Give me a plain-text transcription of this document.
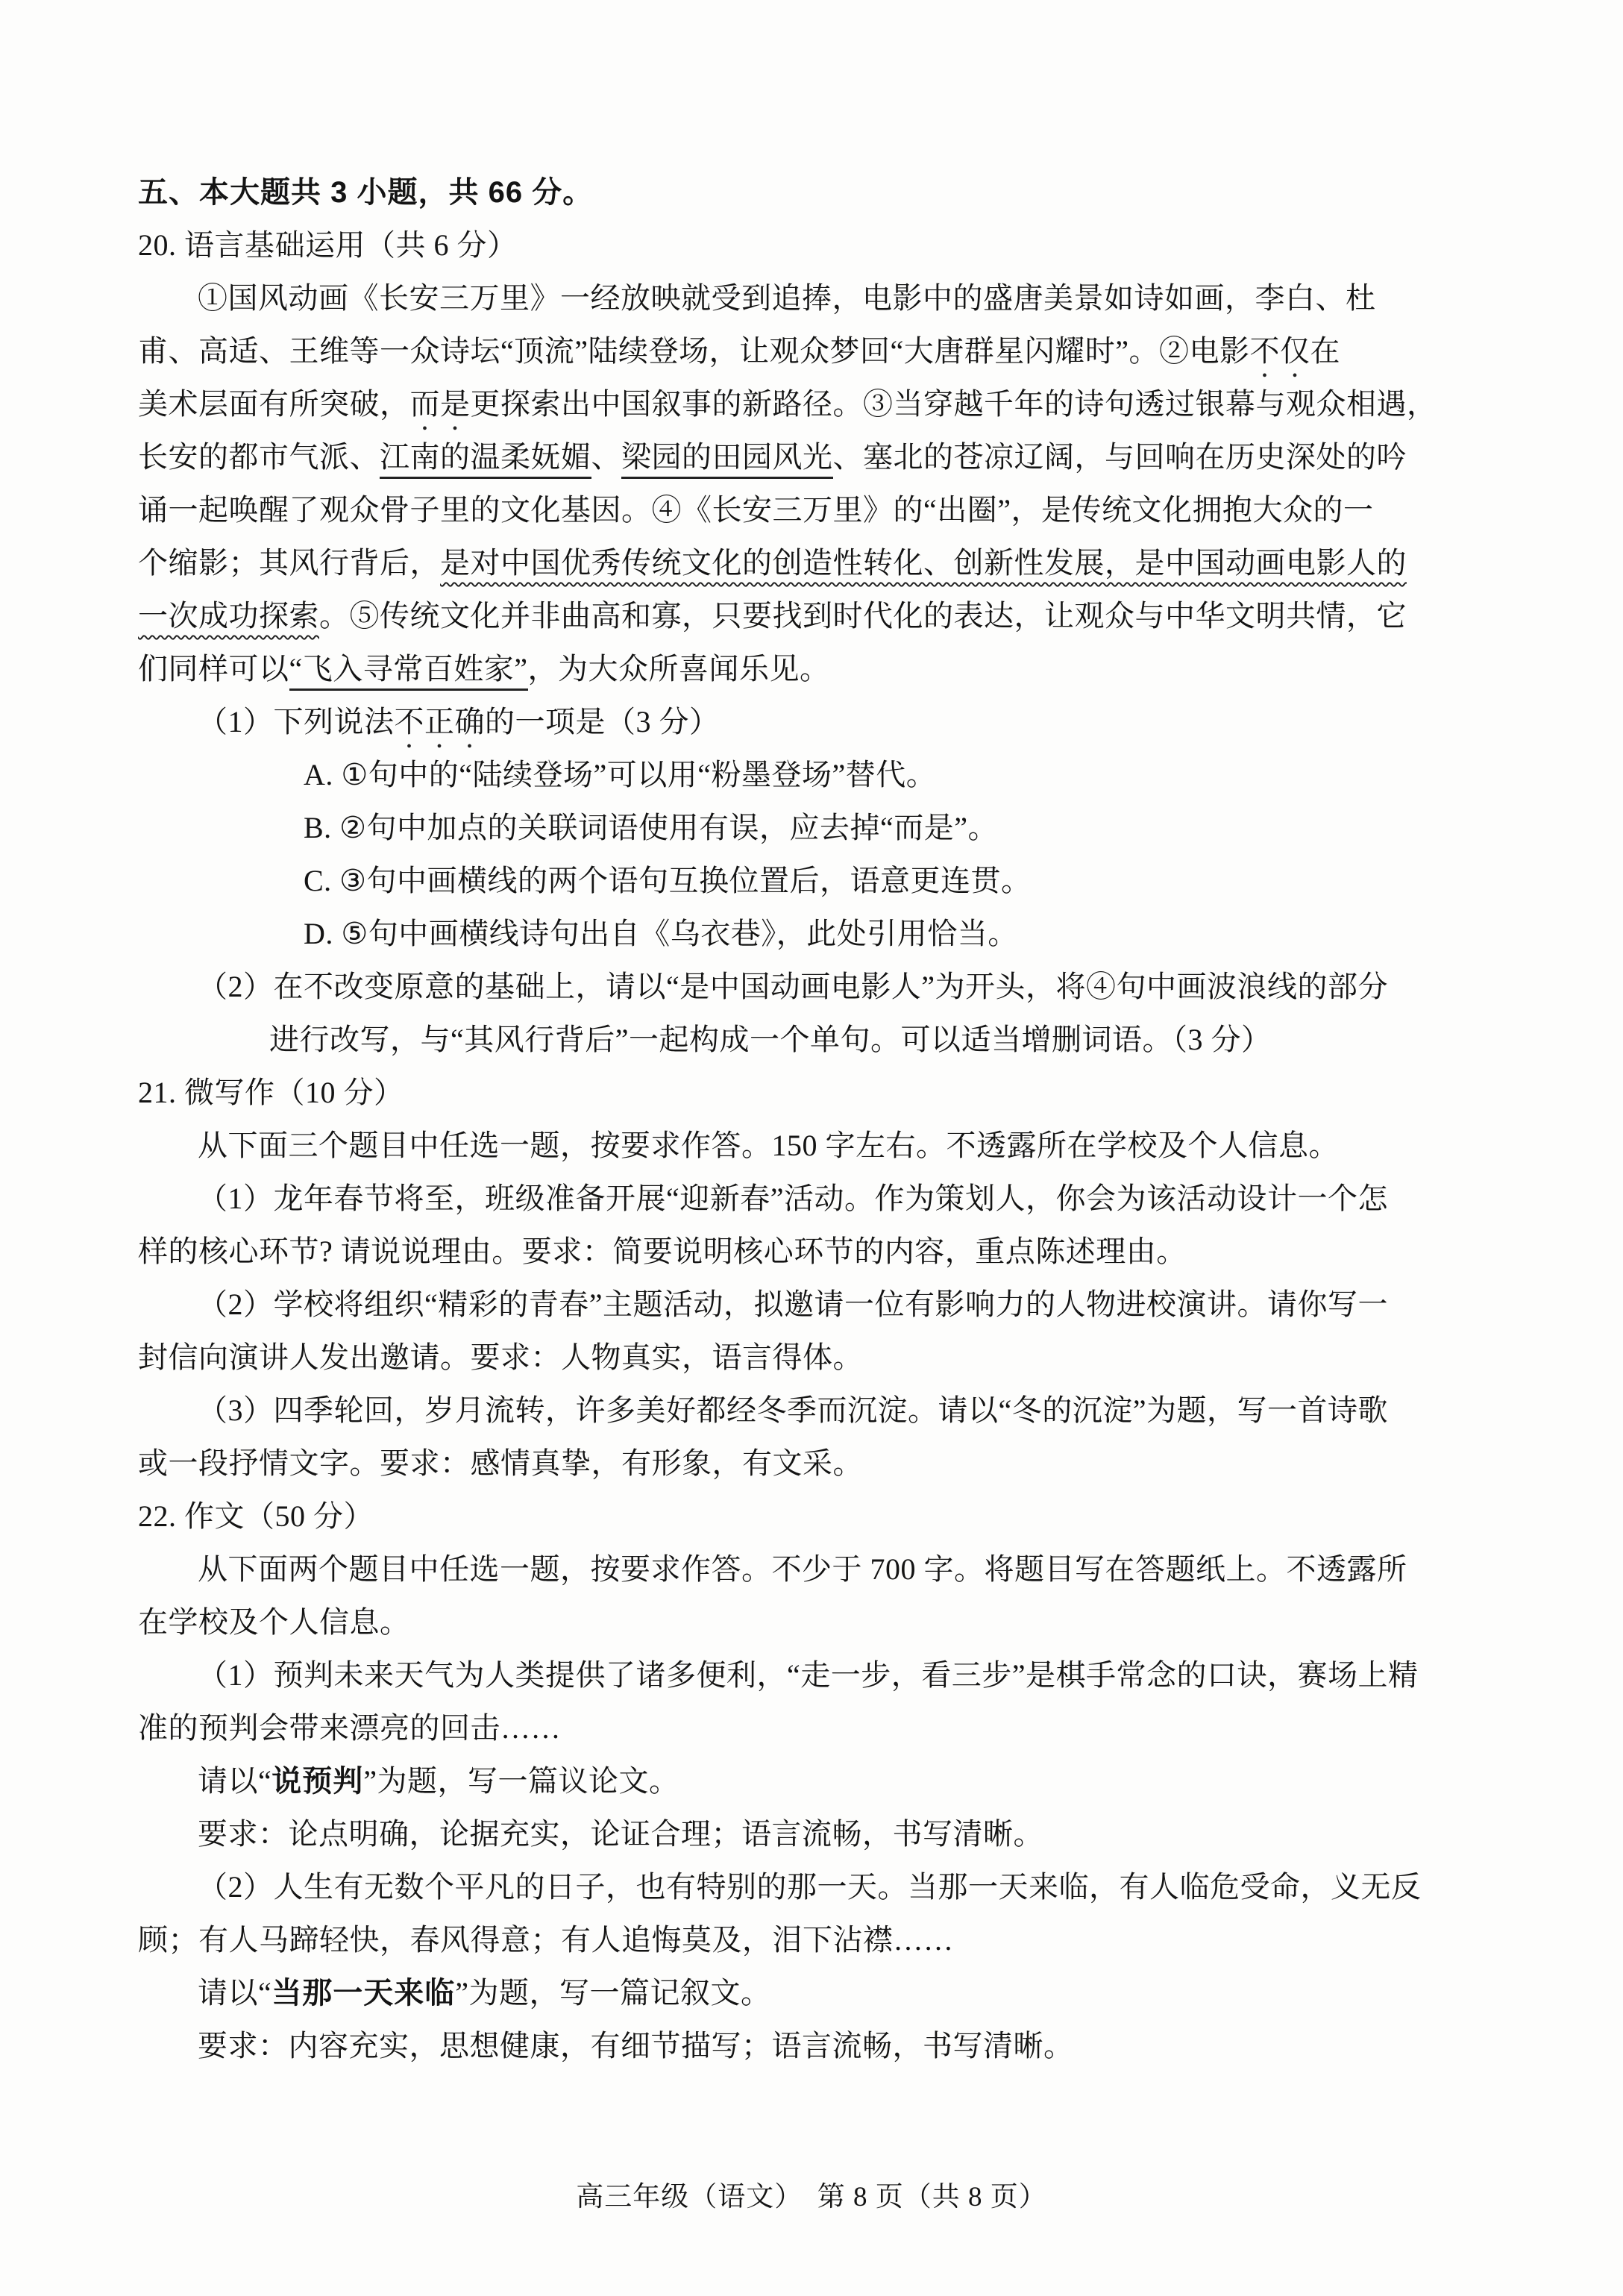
五、本大题共 3 小题，共 66 分。
20. 语言基础运用（共 6 分）
①国风动画《长安三万里》一经放映就受到追捧，电影中的盛唐美景如诗如画，李白、杜
甫、高适、王维等一众诗坛“顶流”陆续登场，让观众梦回“大唐群星闪耀时”。②电影不仅在
美术层面有所突破，而是更探索出中国叙事的新路径。③当穿越千年的诗句透过银幕与观众相遇，
长安的都市气派、江南的温柔妩媚、梁园的田园风光、塞北的苍凉辽阔，与回响在历史深处的吟
诵一起唤醒了观众骨子里的文化基因。④《长安三万里》的“出圈”，是传统文化拥抱大众的一
个缩影；其风行背后，是对中国优秀传统文化的创造性转化、创新性发展，是中国动画电影人的
一次成功探索。⑤传统文化并非曲高和寡，只要找到时代化的表达，让观众与中华文明共情，它
们同样可以“飞入寻常百姓家”，为大众所喜闻乐见。
（1）下列说法不正确的一项是（3 分）
A. ①句中的“陆续登场”可以用“粉墨登场”替代。
B. ②句中加点的关联词语使用有误，应去掉“而是”。
C. ③句中画横线的两个语句互换位置后，语意更连贯。
D. ⑤句中画横线诗句出自《乌衣巷》，此处引用恰当。
（2）在不改变原意的基础上，请以“是中国动画电影人”为开头，将④句中画波浪线的部分
进行改写，与“其风行背后”一起构成一个单句。可以适当增删词语。（3 分）
21. 微写作（10 分）
从下面三个题目中任选一题，按要求作答。150 字左右。不透露所在学校及个人信息。
（1）龙年春节将至，班级准备开展“迎新春”活动。作为策划人，你会为该活动设计一个怎
样的核心环节? 请说说理由。要求：简要说明核心环节的内容，重点陈述理由。
（2）学校将组织“精彩的青春”主题活动，拟邀请一位有影响力的人物进校演讲。请你写一
封信向演讲人发出邀请。要求：人物真实，语言得体。
（3）四季轮回，岁月流转，许多美好都经冬季而沉淀。请以“冬的沉淀”为题，写一首诗歌
或一段抒情文字。要求：感情真挚，有形象，有文采。
22. 作文（50 分）
从下面两个题目中任选一题，按要求作答。不少于 700 字。将题目写在答题纸上。不透露所
在学校及个人信息。
（1）预判未来天气为人类提供了诸多便利，“走一步，看三步”是棋手常念的口诀，赛场上精
准的预判会带来漂亮的回击……
请以“说预判”为题，写一篇议论文。
要求：论点明确，论据充实，论证合理；语言流畅，书写清晰。
（2）人生有无数个平凡的日子，也有特别的那一天。当那一天来临，有人临危受命，义无反
顾；有人马蹄轻快，春风得意；有人追悔莫及，泪下沾襟……
请以“当那一天来临”为题，写一篇记叙文。
要求：内容充实，思想健康，有细节描写；语言流畅，书写清晰。
高三年级（语文）　第 8 页（共 8 页）
